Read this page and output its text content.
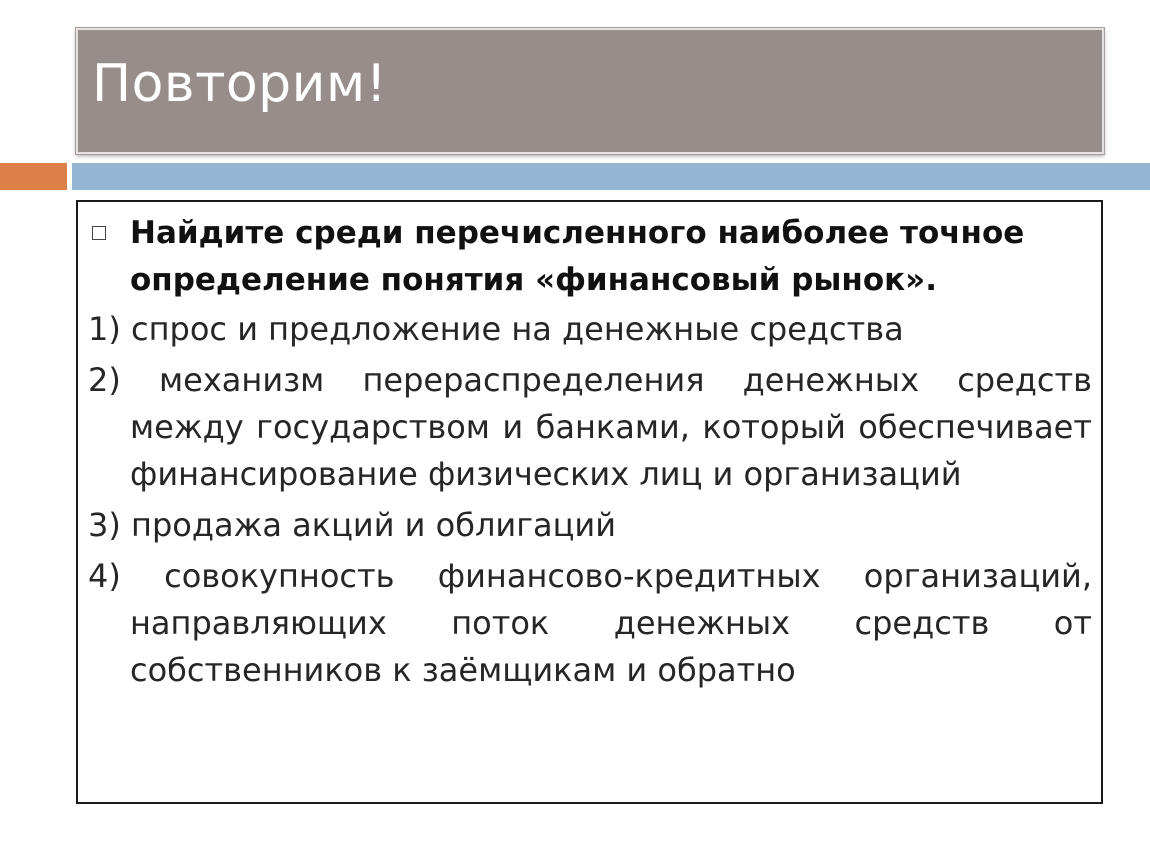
Повторим!
Найдите среди перечисленного наиболее точное определение понятия «финансовый рынок».
1) спрос и предложение на денежные средства
2) механизм перераспределения денежных средств между государством и банками, который обеспечивает финансирование физических лиц и организаций
3) продажа акций и облигаций
4) совокупность финансово-кредитных организаций, направляющих поток денежных средств от собственников к заёмщикам и обратно
